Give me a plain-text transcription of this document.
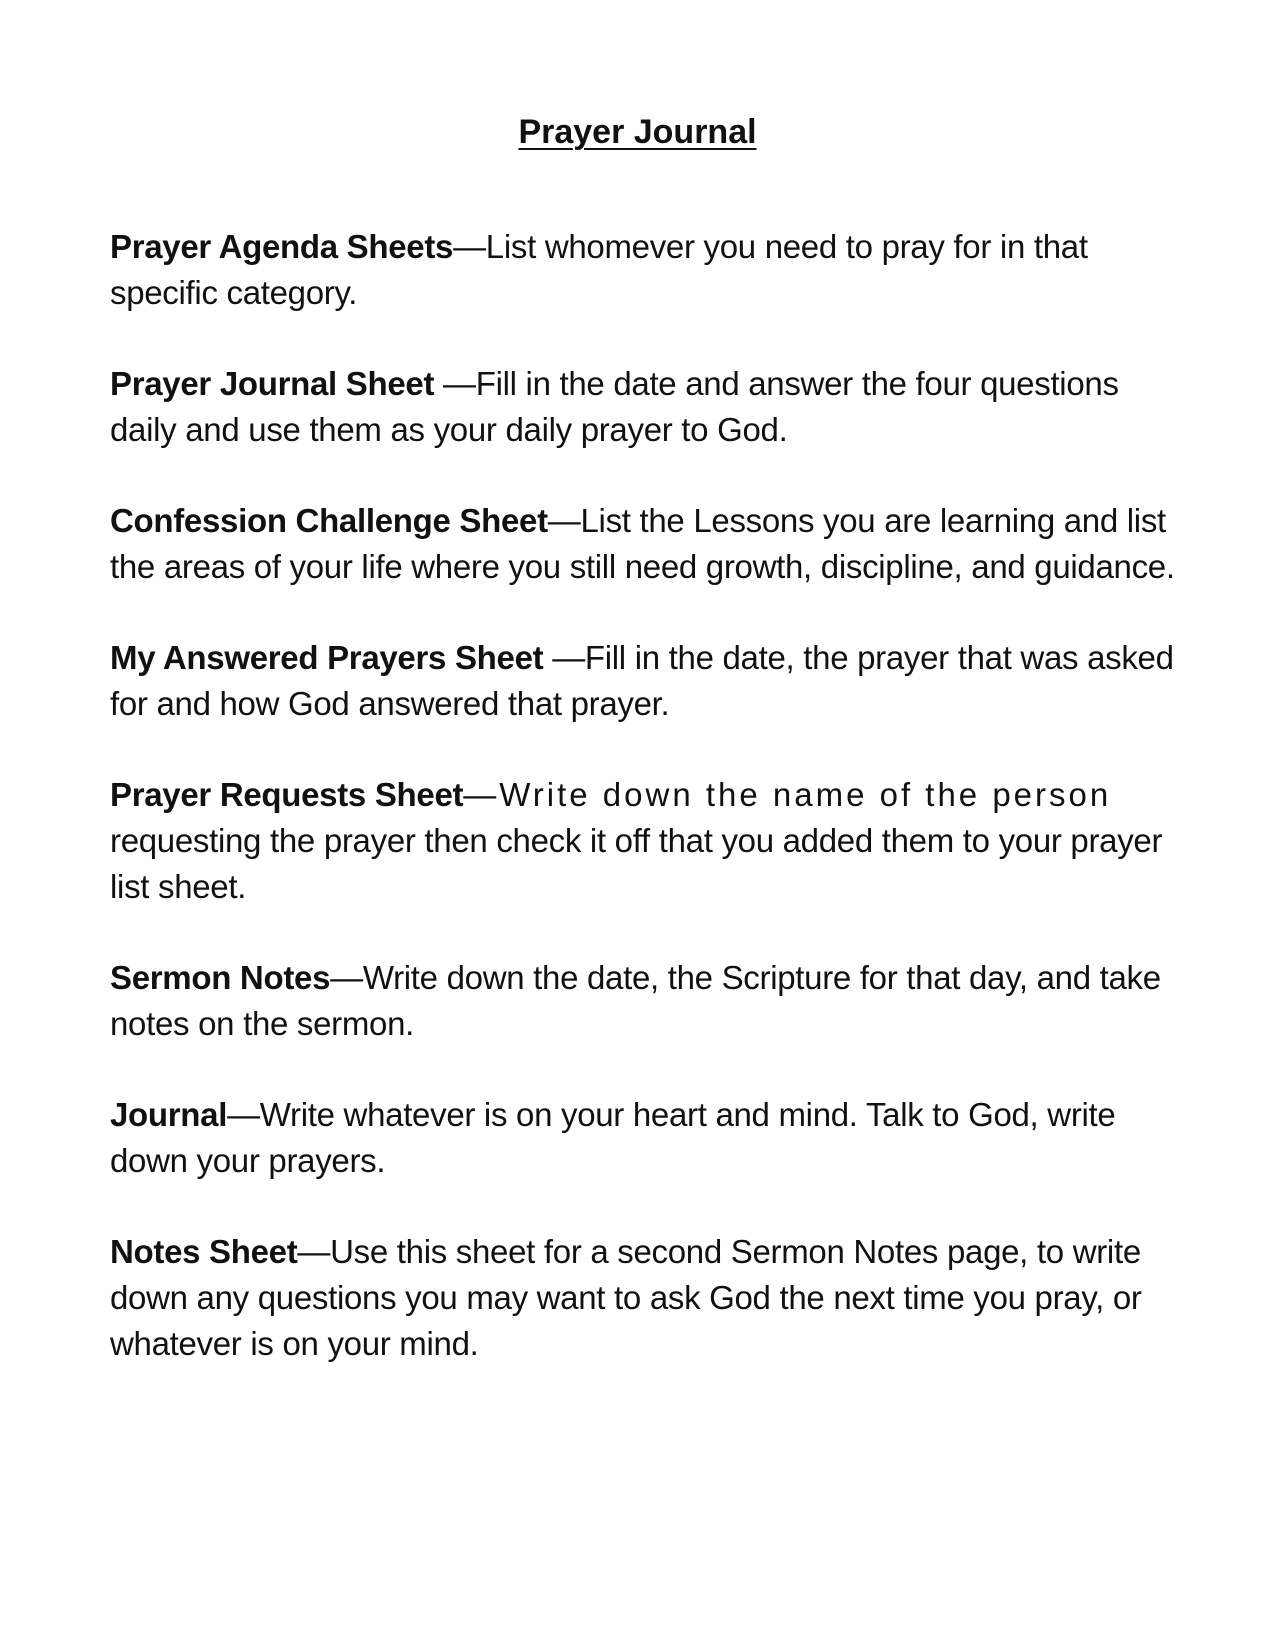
Prayer Journal

Prayer Agenda Sheets—List whomever you need to pray for in that specific category.

Prayer Journal Sheet —Fill in the date and answer the four questions daily and use them as your daily prayer to God.

Confession Challenge Sheet—List the Lessons you are learning and list the areas of your life where you still need growth, discipline, and guidance.

My Answered Prayers Sheet —Fill in the date, the prayer that was asked for and how God answered that prayer.

Prayer Requests Sheet—Write down the name of the person requesting the prayer then check it off that you added them to your prayer list sheet.

Sermon Notes—Write down the date, the Scripture for that day, and take notes on the sermon.

Journal—Write whatever is on your heart and mind. Talk to God, write down your prayers.

Notes Sheet—Use this sheet for a second Sermon Notes page, to write down any questions you may want to ask God the next time you pray, or whatever is on your mind.
